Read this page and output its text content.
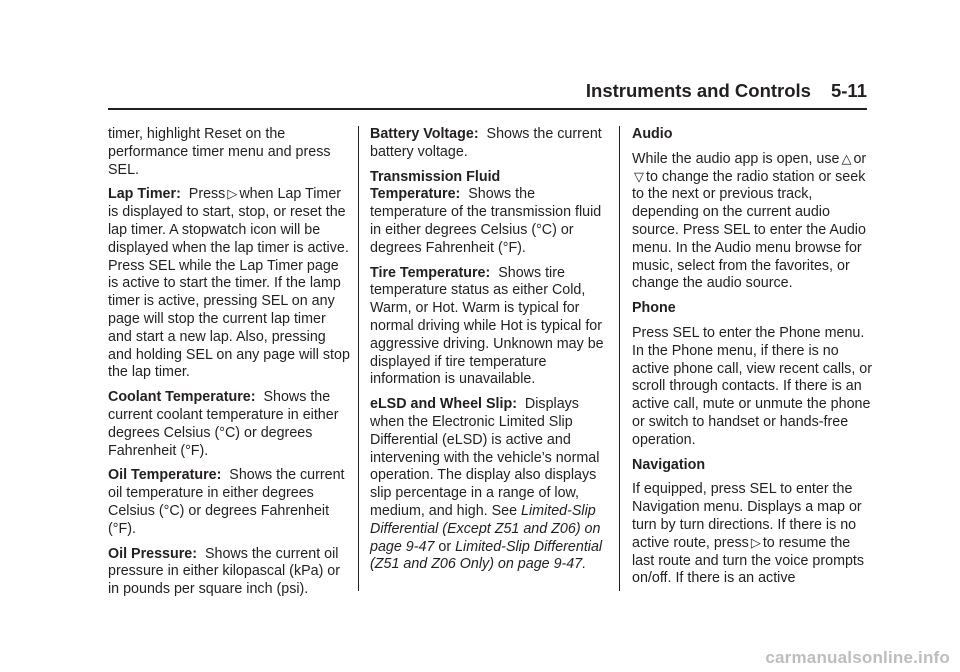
Instruments and Controls 5-11

timer, highlight Reset on the performance timer menu and press SEL.

Lap Timer: Press ▷ when Lap Timer is displayed to start, stop, or reset the lap timer. A stopwatch icon will be displayed when the lap timer is active. Press SEL while the Lap Timer page is active to start the timer. If the lamp timer is active, pressing SEL on any page will stop the current lap timer and start a new lap. Also, pressing and holding SEL on any page will stop the lap timer.

Coolant Temperature: Shows the current coolant temperature in either degrees Celsius (°C) or degrees Fahrenheit (°F).

Oil Temperature: Shows the current oil temperature in either degrees Celsius (°C) or degrees Fahrenheit (°F).

Oil Pressure: Shows the current oil pressure in either kilopascal (kPa) or in pounds per square inch (psi).

Battery Voltage: Shows the current battery voltage.

Transmission Fluid Temperature: Shows the temperature of the transmission fluid in either degrees Celsius (°C) or degrees Fahrenheit (°F).

Tire Temperature: Shows tire temperature status as either Cold, Warm, or Hot. Warm is typical for normal driving while Hot is typical for aggressive driving. Unknown may be displayed if tire temperature information is unavailable.

eLSD and Wheel Slip: Displays when the Electronic Limited Slip Differential (eLSD) is active and intervening with the vehicle’s normal operation. The display also displays slip percentage in a range of low, medium, and high. See Limited-Slip Differential (Except Z51 and Z06) on page 9-47 or Limited-Slip Differential (Z51 and Z06 Only) on page 9-47.

Audio

While the audio app is open, use △ or▽ to change the radio station or seek to the next or previous track, depending on the current audio source. Press SEL to enter the Audio menu. In the Audio menu browse for music, select from the favorites, or change the audio source.

Phone

Press SEL to enter the Phone menu. In the Phone menu, if there is no active phone call, view recent calls, or scroll through contacts. If there is an active call, mute or unmute the phone or switch to handset or hands-free operation.

Navigation

If equipped, press SEL to enter the Navigation menu. Displays a map or turn by turn directions. If there is no active route, press ▷ to resume the last route and turn the voice prompts on/off. If there is an active

carmanualsonline.info
